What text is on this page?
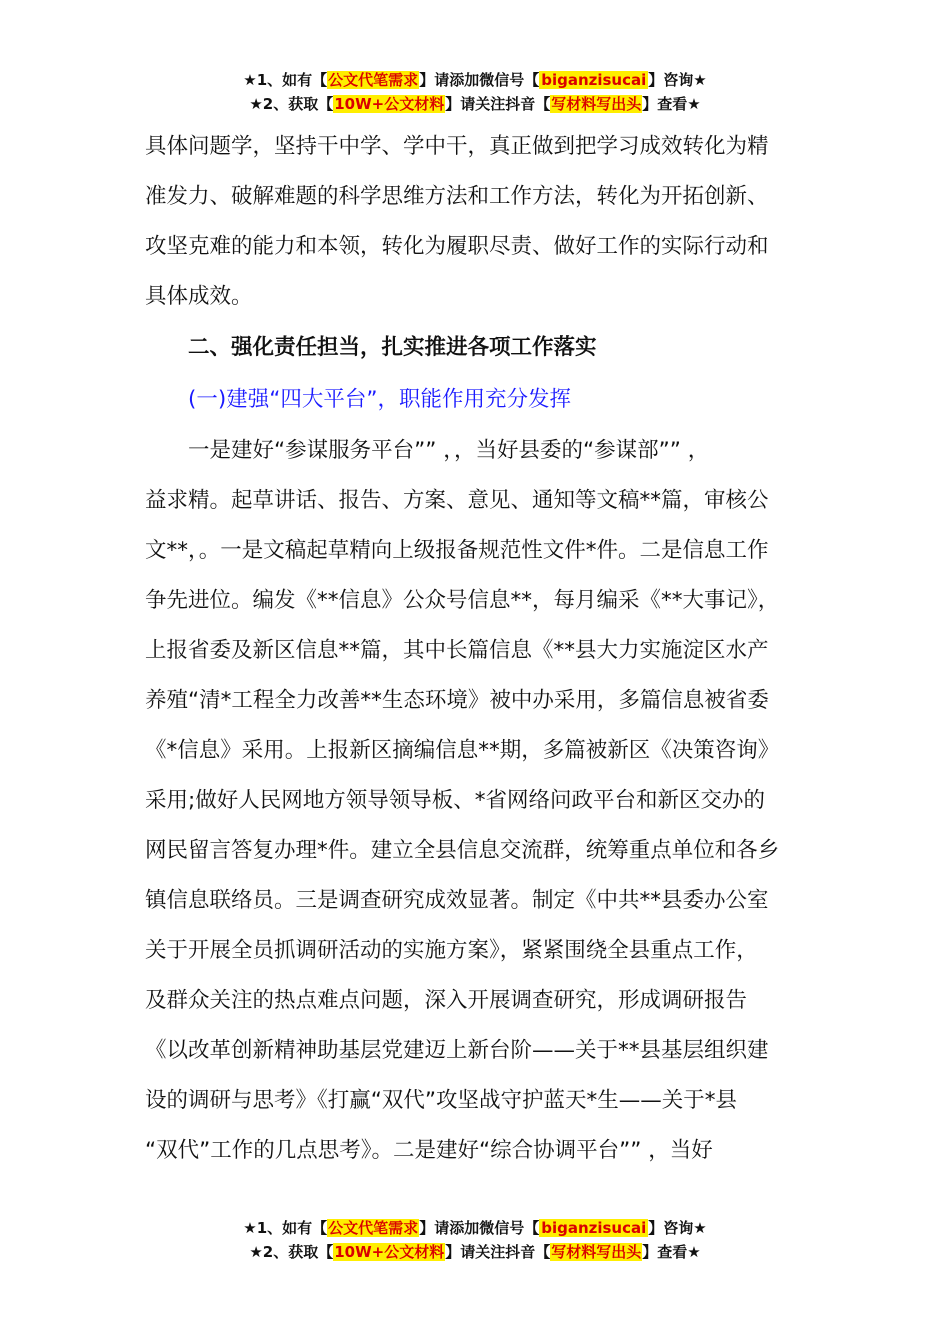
★1、如有【公文代笔需求】请添加微信号【 biganzisucai 】咨询★
★2、获取【10W+公文材料】请关注抖音【写材料写出头】查看★
具体问题学，坚持干中学、学中干，真正做到把学习成效转化为精
准发力、破解难题的科学思维方法和工作方法，转化为开拓创新、
攻坚克难的能力和本领，转化为履职尽责、做好工作的实际行动和
具体成效。

二、强化责任担当，扎实推进各项工作落实

(一)建强“四大平台”，职能作用充分发挥

一是建好“参谋服务平台”” ，，当好县委的“参谋部”” ，
益求精。起草讲话、报告、方案、意见、通知等文稿**篇，审核公
文**，。一是文稿起草精向上级报备规范性文件*件。二是信息工作
争先进位。编发《**信息》公众号信息**，每月编采《**大事记》，
上报省委及新区信息**篇，其中长篇信息《**县大力实施淀区水产
养殖“清*工程全力改善**生态环境》被中办采用，多篇信息被省委
《*信息》采用。上报新区摘编信息**期，多篇被新区《决策咨询》
采用;做好人民网地方领导领导板、*省网络问政平台和新区交办的
网民留言答复办理*件。建立全县信息交流群，统筹重点单位和各乡
镇信息联络员。三是调查研究成效显著。制定《中共**县委办公室
关于开展全员抓调研活动的实施方案》，紧紧围绕全县重点工作，
及群众关注的热点难点问题，深入开展调查研究，形成调研报告
《以改革创新精神助基层党建迈上新台阶——关于**县基层组织建
设的调研与思考》《打赢“双代”攻坚战守护蓝天*生——关于*县
“双代”工作的几点思考》。二是建好“综合协调平台”” ，当好
★1、如有【公文代笔需求】请添加微信号【 biganzisucai 】咨询★
★2、获取【10W+公文材料】请关注抖音【写材料写出头】查看★
